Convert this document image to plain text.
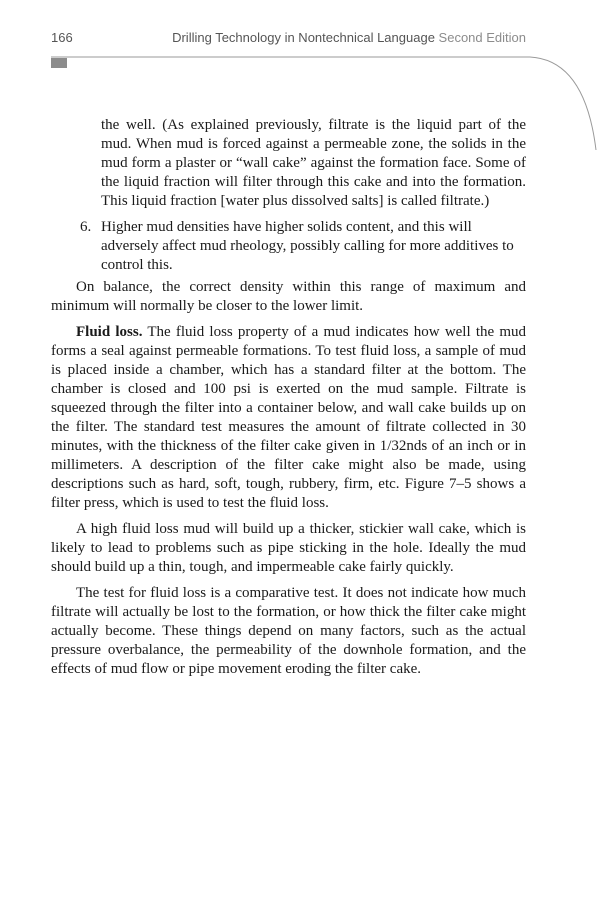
166	Drilling Technology in Nontechnical Language Second Edition

the well. (As explained previously, filtrate is the liquid part of the mud. When mud is forced against a permeable zone, the solids in the mud form a plaster or “wall cake” against the formation face. Some of the liquid fraction will filter through this cake and into the formation. This liquid fraction [water plus dissolved salts] is called filtrate.)

6. Higher mud densities have higher solids content, and this will adversely affect mud rheology, possibly calling for more additives to control this.

On balance, the correct density within this range of maximum and minimum will normally be closer to the lower limit.

Fluid loss. The fluid loss property of a mud indicates how well the mud forms a seal against permeable formations. To test fluid loss, a sample of mud is placed inside a chamber, which has a standard filter at the bottom. The chamber is closed and 100 psi is exerted on the mud sample. Filtrate is squeezed through the filter into a container below, and wall cake builds up on the filter. The standard test measures the amount of filtrate collected in 30 minutes, with the thickness of the filter cake given in 1/32nds of an inch or in millimeters. A description of the filter cake might also be made, using descriptions such as hard, soft, tough, rubbery, firm, etc. Figure 7–5 shows a filter press, which is used to test the fluid loss.

A high fluid loss mud will build up a thicker, stickier wall cake, which is likely to lead to problems such as pipe sticking in the hole. Ideally the mud should build up a thin, tough, and impermeable cake fairly quickly.

The test for fluid loss is a comparative test. It does not indicate how much filtrate will actually be lost to the formation, or how thick the filter cake might actually become. These things depend on many factors, such as the actual pressure overbalance, the permeability of the downhole formation, and the effects of mud flow or pipe movement eroding the filter cake.
